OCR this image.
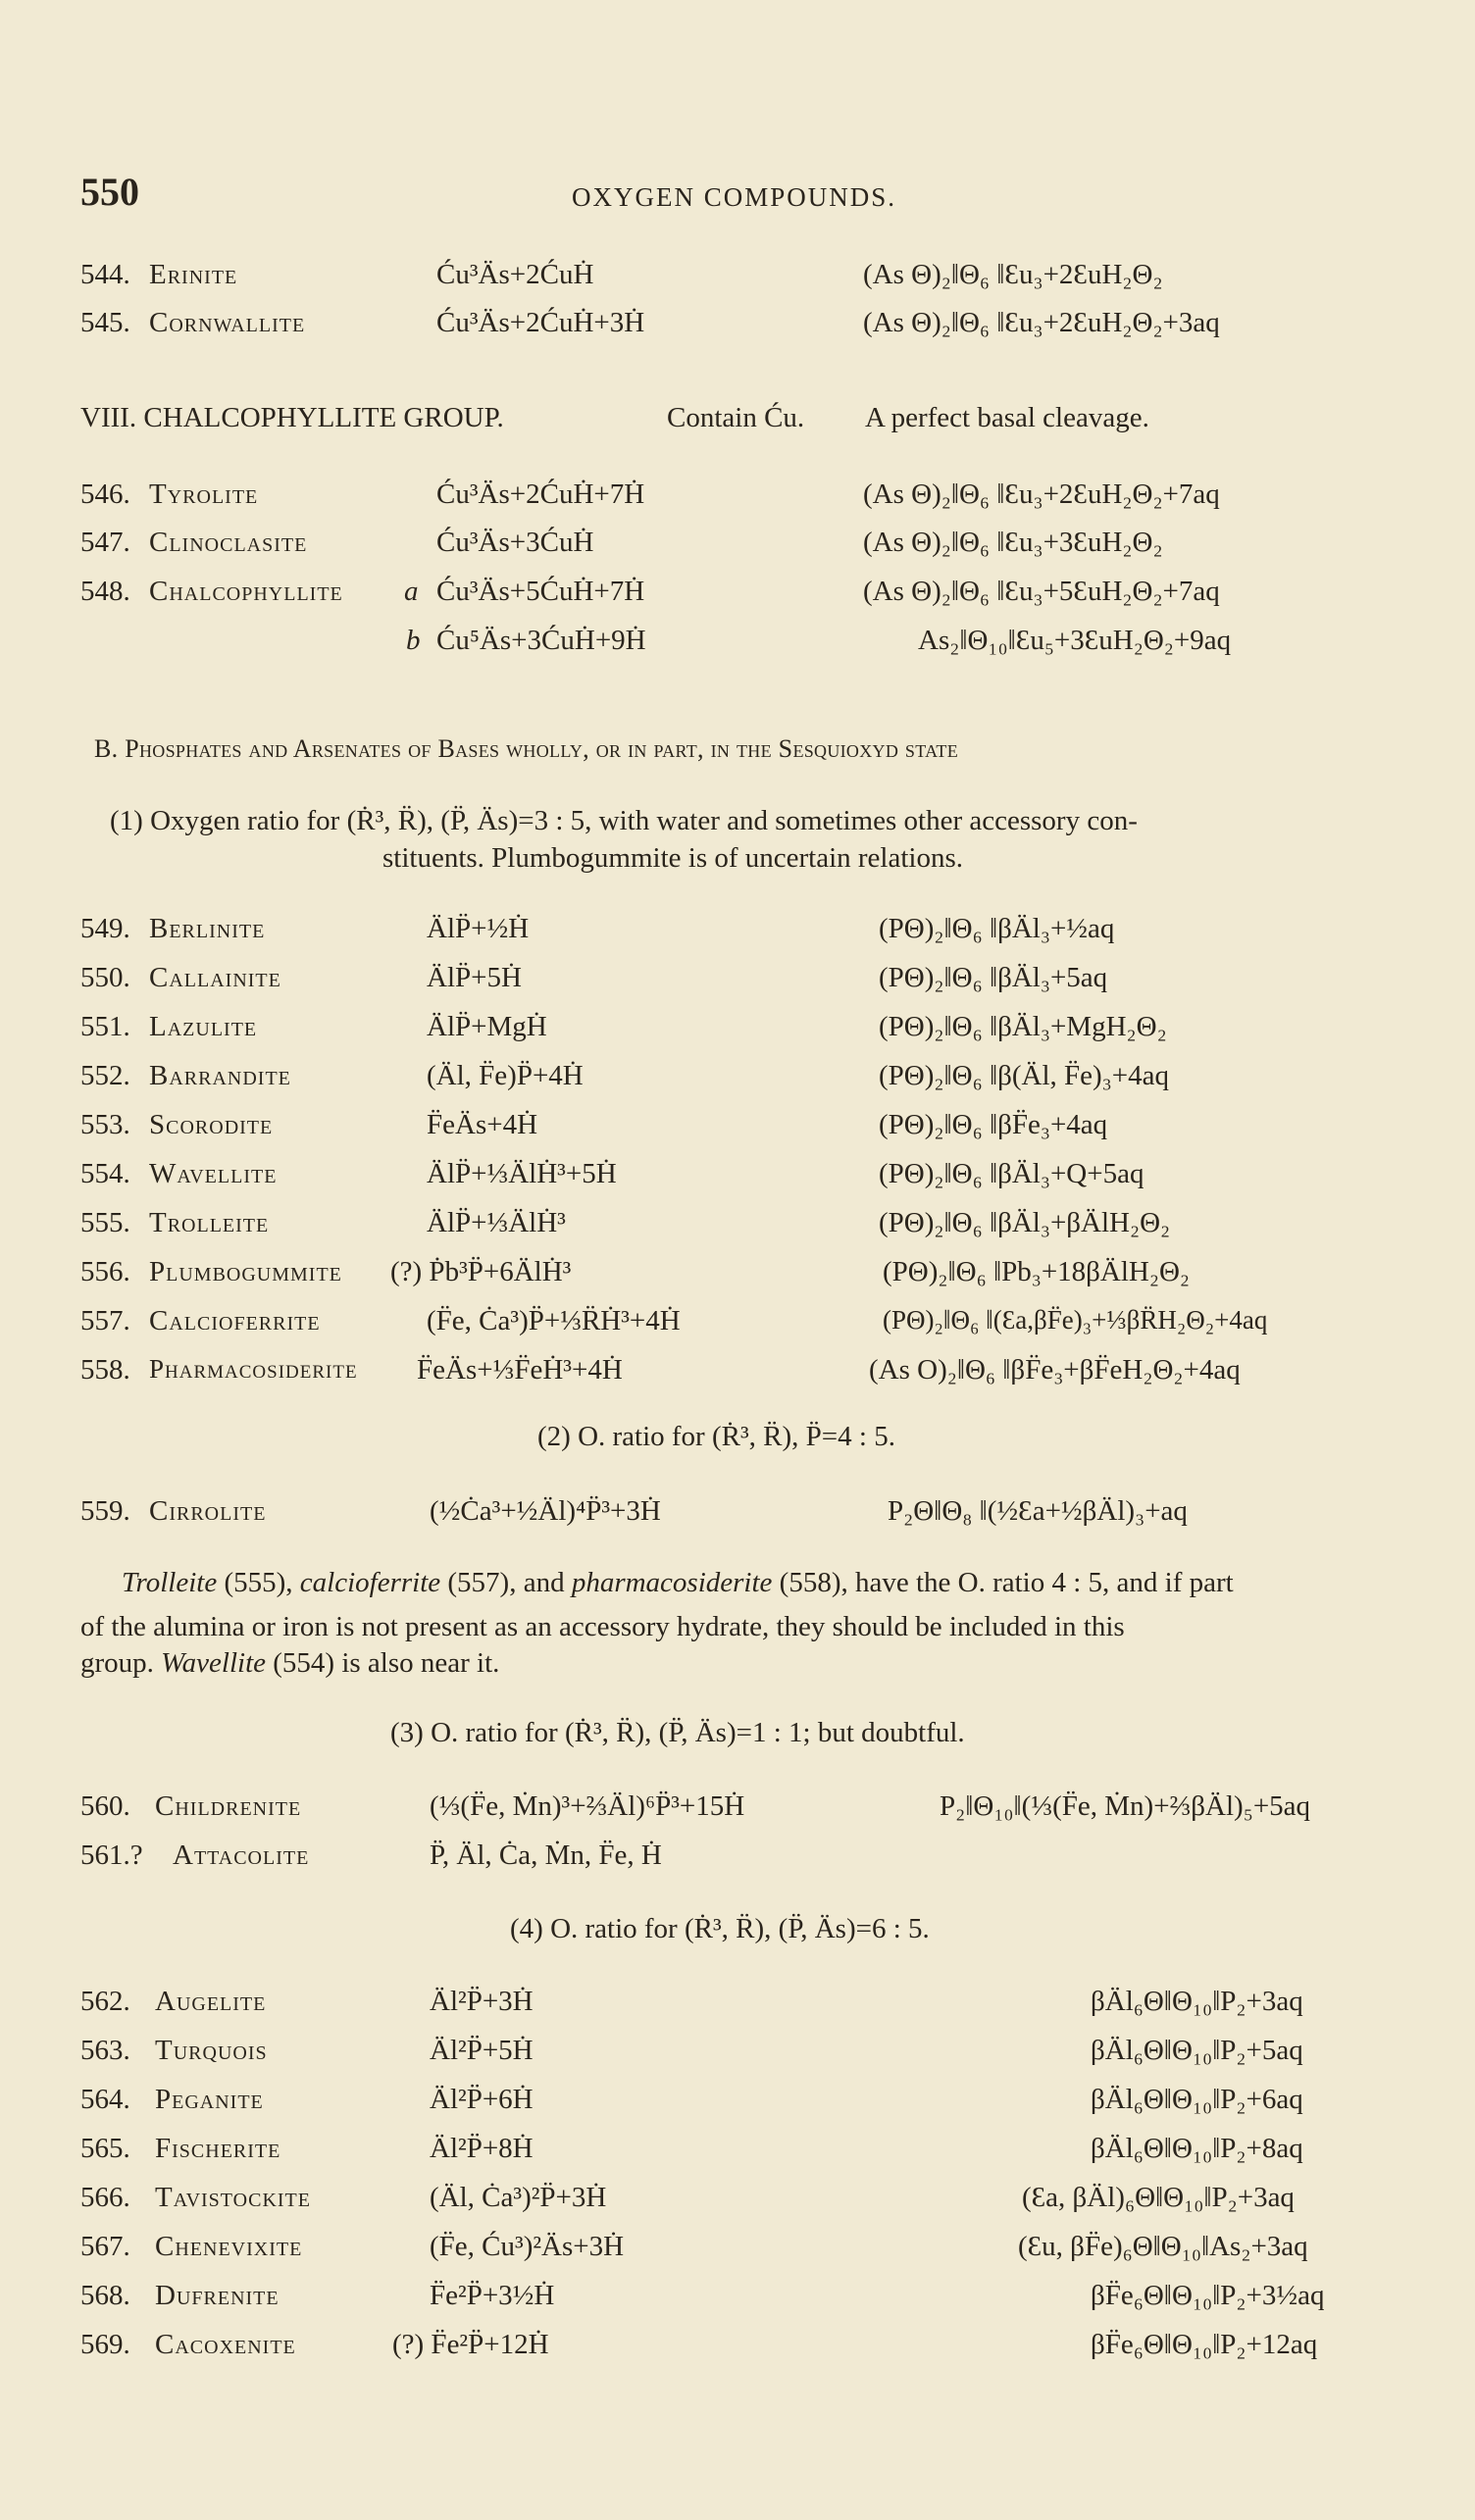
550	OXYGEN COMPOUNDS.
544. Erinite	Ću³Äs+2ĆuḢ	(As Θ)₂‖Θ₆ ‖Ɛu₃+2ƐuH₂Θ₂
545. Cornwallite	Ću³Äs+2ĆuḢ+3Ḣ	(As Θ)₂‖Θ₆ ‖Ɛu₃+2ƐuH₂Θ₂+3aq
VIII. CHALCOPHYLLITE GROUP.	Contain Ću. A perfect basal cleavage.
546. Tyrolite	Ću³Äs+2ĆuḢ+7Ḣ	(As Θ)₂‖Θ₆ ‖Ɛu₃+2ƐuH₂Θ₂+7aq
547. Clinoclasite	Ću³Äs+3ĆuḢ	(As Θ)₂‖Θ₆ ‖Ɛu₃+3ƐuH₂Θ₂
548. Chalcophyllite a Ću³Äs+5ĆuḢ+7Ḣ	(As Θ)₂‖Θ₆ ‖Ɛu₃+5ƐuH₂Θ₂+7aq
b Ću⁵Äs+3ĆuḢ+9Ḣ	As₂‖Θ₁₀‖Ɛu₅+3ƐuH₂Θ₂+9aq
B. Phosphates and Arsenates of Bases wholly, or in part, in the Sesquioxyd state
(1) Oxygen ratio for (Ṙ³, R̈), (P̈, Äs)=3 : 5, with water and sometimes other accessory con-
stituents. Plumbogummite is of uncertain relations.
549. Berlinite	ÄlP̈+½Ḣ	(PΘ)₂‖Θ₆ ‖βÄl₃+½aq
550. Callainite	ÄlP̈+5Ḣ	(PΘ)₂‖Θ₆ ‖βÄl₃+5aq
551. Lazulite	ÄlP̈+MgḢ	(PΘ)₂‖Θ₆ ‖βÄl₃+MgH₂Θ₂
552. Barrandite	(Äl, F̈e)P̈+4Ḣ	(PΘ)₂‖Θ₆ ‖β(Äl, F̈e)₃+4aq
553. Scorodite	F̈eÄs+4Ḣ	(PΘ)₂‖Θ₆ ‖βF̈e₃+4aq
554. Wavellite	ÄlP̈+⅓ÄlḢ³+5Ḣ	(PΘ)₂‖Θ₆ ‖βÄl₃+Q+5aq
555. Trolleite	ÄlP̈+⅓ÄlḢ³	(PΘ)₂‖Θ₆ ‖βÄl₃+βÄlH₂Θ₂
556. Plumbogummite (?) Ṗb³P̈+6ÄlḢ³	(PΘ)₂‖Θ₆ ‖Pb₃+18βÄlH₂Θ₂
557. Calcioferrite	(F̈e, Ċa³)P̈+⅓R̈Ḣ³+4Ḣ	(PΘ)₂‖Θ₆ ‖(Ɛa,βF̈e)₃+⅓βR̈H₂Θ₂+4aq
558. Pharmacosiderite F̈eÄs+⅓F̈eḢ³+4Ḣ	(As O)₂‖Θ₆ ‖βF̈e₃+βF̈eH₂Θ₂+4aq
(2) O. ratio for (Ṙ³, R̈), P̈=4 : 5.
559. Cirrolite	(½Ċa³+½Äl)⁴P̈³+3Ḣ	P₂Θ‖Θ₈ ‖(½Ɛa+½βÄl)₃+aq
Trolleite (555), calcioferrite (557), and pharmacosiderite (558), have the O. ratio 4 : 5, and if part
of the alumina or iron is not present as an accessory hydrate, they should be included in this
group. Wavellite (554) is also near it.
(3) O. ratio for (Ṙ³, R̈), (P̈, Äs)=1 : 1; but doubtful.
560. Childrenite	(⅓(F̈e, Ṁn)³+⅔Äl)⁶P̈³+15Ḣ	P₂‖Θ₁₀‖(⅓(F̈e, Ṁn)+⅔βÄl)₅+5aq
561.? Attacolite	P̈, Äl, Ċa, Ṁn, F̈e, Ḣ
(4) O. ratio for (Ṙ³, R̈), (P̈, Äs)=6 : 5.
562. Augelite	Äl²P̈+3Ḣ	βÄl₆Θ‖Θ₁₀‖P₂+3aq
563. Turquois	Äl²P̈+5Ḣ	βÄl₆Θ‖Θ₁₀‖P₂+5aq
564. Peganite	Äl²P̈+6Ḣ	βÄl₆Θ‖Θ₁₀‖P₂+6aq
565. Fischerite	Äl²P̈+8Ḣ	βÄl₆Θ‖Θ₁₀‖P₂+8aq
566. Tavistockite	(Äl, Ċa³)²P̈+3Ḣ	(Ɛa, βÄl)₆Θ‖Θ₁₀‖P₂+3aq
567. Chenevixite	(F̈e, Ću³)²Äs+3Ḣ	(Ɛu, βF̈e)₆Θ‖Θ₁₀‖As₂+3aq
568. Dufrenite	F̈e²P̈+3½Ḣ	βF̈e₆Θ‖Θ₁₀‖P₂+3½aq
569. Cacoxenite	(?) F̈e²P̈+12Ḣ	βF̈e₆Θ‖Θ₁₀‖P₂+12aq
